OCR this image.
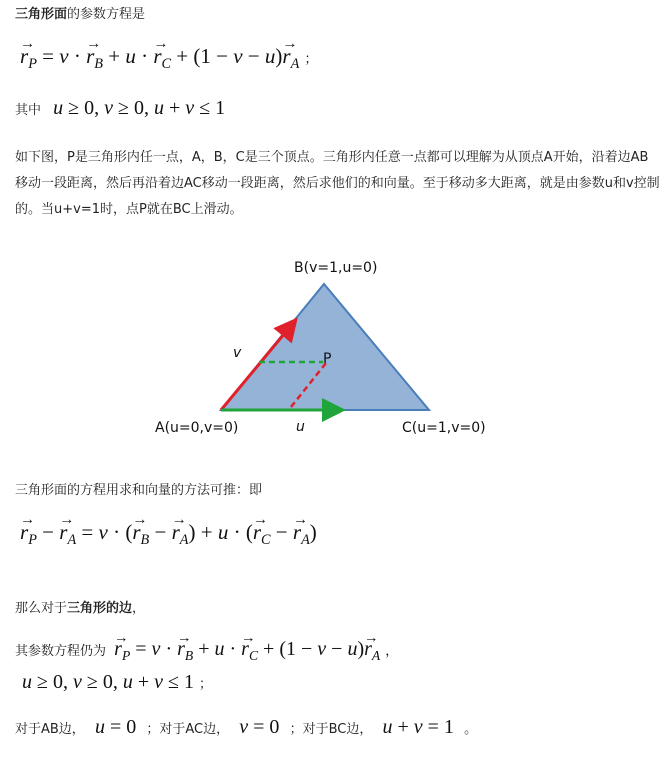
三角形面的参数方程是
→ $r_P = v$ · → $r_B + u$ · → $r_C + (1 - v - u)\to r_A$ ；
其中 u ≥ 0, v ≥ 0, u + v ≤ 1
如下图，P是三角形内任一点，A，B，C是三个顶点。三角形内任意一点都可以理解为从顶点A开始，沿着边AB移动一段距离，然后再沿着边AC移动一段距离，然后求他们的和向量。至于移动多大距离，就是由参数u和v控制的。当u+v=1时，点P就在BC上滑动。
B(v=1,u=0)
A(u=0,v=0)	C(u=1,v=0)
P
v
u
三角形面的方程用求和向量的方法可推：即
→ $r_P$ − → $r_A = v$ · (→ $r_B$ − → $r_A) + u$ · (→ $r_C$ − → $r_A$)
那么对于三角形的边，
其参数方程仍为 → $r_P = v$ · → $r_B + u$ · → $r_C + (1 - v - u)\to r_A$ ，
u ≥ 0, v ≥ 0, u + v ≤ 1 ；
对于AB边， u = 0 ；对于AC边， v = 0 ；对于BC边， u + v = 1 。
